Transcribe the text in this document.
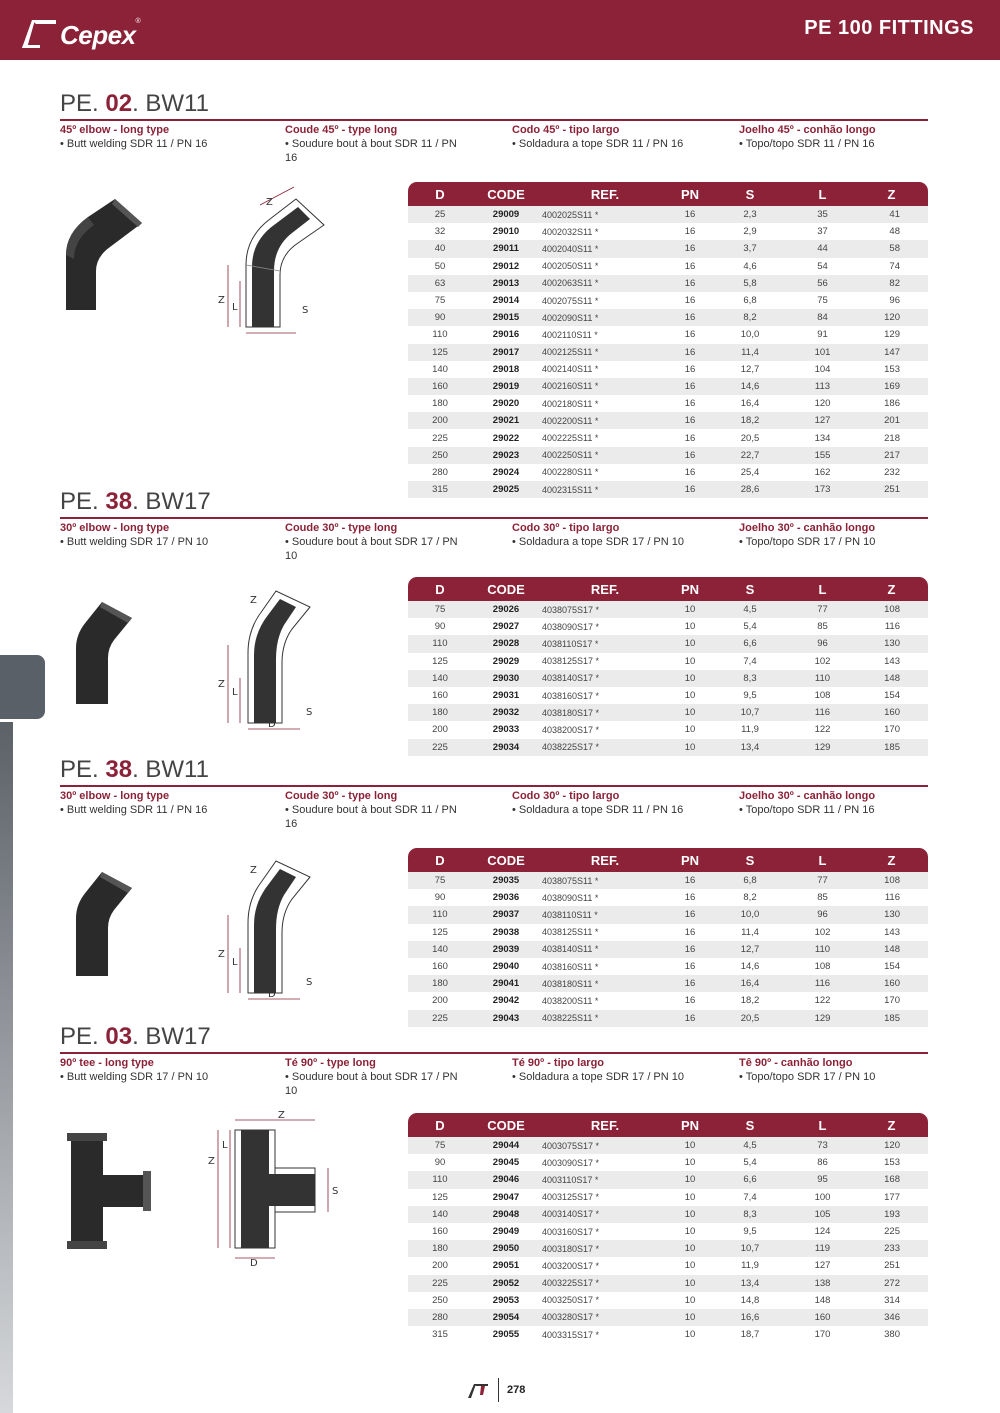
Cepex ®	PE 100 FITTINGS
PE. 02. BW11
45º elbow - long type
• Butt welding SDR 11 / PN 16
Coude 45º - type long
• Soudure bout à bout SDR 11 / PN 16
Codo 45º - tipo largo
• Soldadura a tope SDR 11 / PN 16
Joelho 45º - conhão longo
• Topo/topo SDR 11 / PN 16
Z
L
Z
D
S
D	CODE	REF.	PN	S	L	Z
25	29009	4002025S11 *	16	2,3	35	41
32	29010	4002032S11 *	16	2,9	37	48
40	29011	4002040S11 *	16	3,7	44	58
50	29012	4002050S11 *	16	4,6	54	74
63	29013	4002063S11 *	16	5,8	56	82
75	29014	4002075S11 *	16	6,8	75	96
90	29015	4002090S11 *	16	8,2	84	120
110	29016	4002110S11 *	16	10,0	91	129
125	29017	4002125S11 *	16	11,4	101	147
140	29018	4002140S11 *	16	12,7	104	153
160	29019	4002160S11 *	16	14,6	113	169
180	29020	4002180S11 *	16	16,4	120	186
200	29021	4002200S11 *	16	18,2	127	201
225	29022	4002225S11 *	16	20,5	134	218
250	29023	4002250S11 *	16	22,7	155	217
280	29024	4002280S11 *	16	25,4	162	232
315	29025	4002315S11 *	16	28,6	173	251
PE. 38. BW17
30º elbow - long type
• Butt welding SDR 17 / PN 10
Coude 30º - type long
• Soudure bout à bout SDR 17 / PN 10
Codo 30º - tipo largo
• Soldadura a tope SDR 17 / PN 10
Joelho 30º - canhão longo
• Topo/topo SDR 17 / PN 10
Z
L
Z
D
S
D	CODE	REF.	PN	S	L	Z
75	29026	4038075S17 *	10	4,5	77	108
90	29027	4038090S17 *	10	5,4	85	116
110	29028	4038110S17 *	10	6,6	96	130
125	29029	4038125S17 *	10	7,4	102	143
140	29030	4038140S17 *	10	8,3	110	148
160	29031	4038160S17 *	10	9,5	108	154
180	29032	4038180S17 *	10	10,7	116	160
200	29033	4038200S17 *	10	11,9	122	170
225	29034	4038225S17 *	10	13,4	129	185
PE. 38. BW11
30º elbow - long type
• Butt welding SDR 11 / PN 16
Coude 30º - type long
• Soudure bout à bout SDR 11 / PN 16
Codo 30º - tipo largo
• Soldadura a tope SDR 11 / PN 16
Joelho 30º - canhão longo
• Topo/topo SDR 11 / PN 16
Z
L
Z
D
S
D	CODE	REF.	PN	S	L	Z
75	29035	4038075S11 *	16	6,8	77	108
90	29036	4038090S11 *	16	8,2	85	116
110	29037	4038110S11 *	16	10,0	96	130
125	29038	4038125S11 *	16	11,4	102	143
140	29039	4038140S11 *	16	12,7	110	148
160	29040	4038160S11 *	16	14,6	108	154
180	29041	4038180S11 *	16	16,4	116	160
200	29042	4038200S11 *	16	18,2	122	170
225	29043	4038225S11 *	16	20,5	129	185
PE. 03. BW17
90º tee - long type
• Butt welding SDR 17 / PN 10
Té 90º - type long
• Soudure bout à bout SDR 17 / PN 10
Té 90º - tipo largo
• Soldadura a tope SDR 17 / PN 10
Tê 90º - canhão longo
• Topo/topo SDR 17 / PN 10
Z
L
Z
D
S
D	CODE	REF.	PN	S	L	Z
75	29044	4003075S17 *	10	4,5	73	120
90	29045	4003090S17 *	10	5,4	86	153
110	29046	4003110S17 *	10	6,6	95	168
125	29047	4003125S17 *	10	7,4	100	177
140	29048	4003140S17 *	10	8,3	105	193
160	29049	4003160S17 *	10	9,5	124	225
180	29050	4003180S17 *	10	10,7	119	233
200	29051	4003200S17 *	10	11,9	127	251
225	29052	4003225S17 *	10	13,4	138	272
250	29053	4003250S17 *	10	14,8	148	314
280	29054	4003280S17 *	10	16,6	160	346
315	29055	4003315S17 *	10	18,7	170	380
278
